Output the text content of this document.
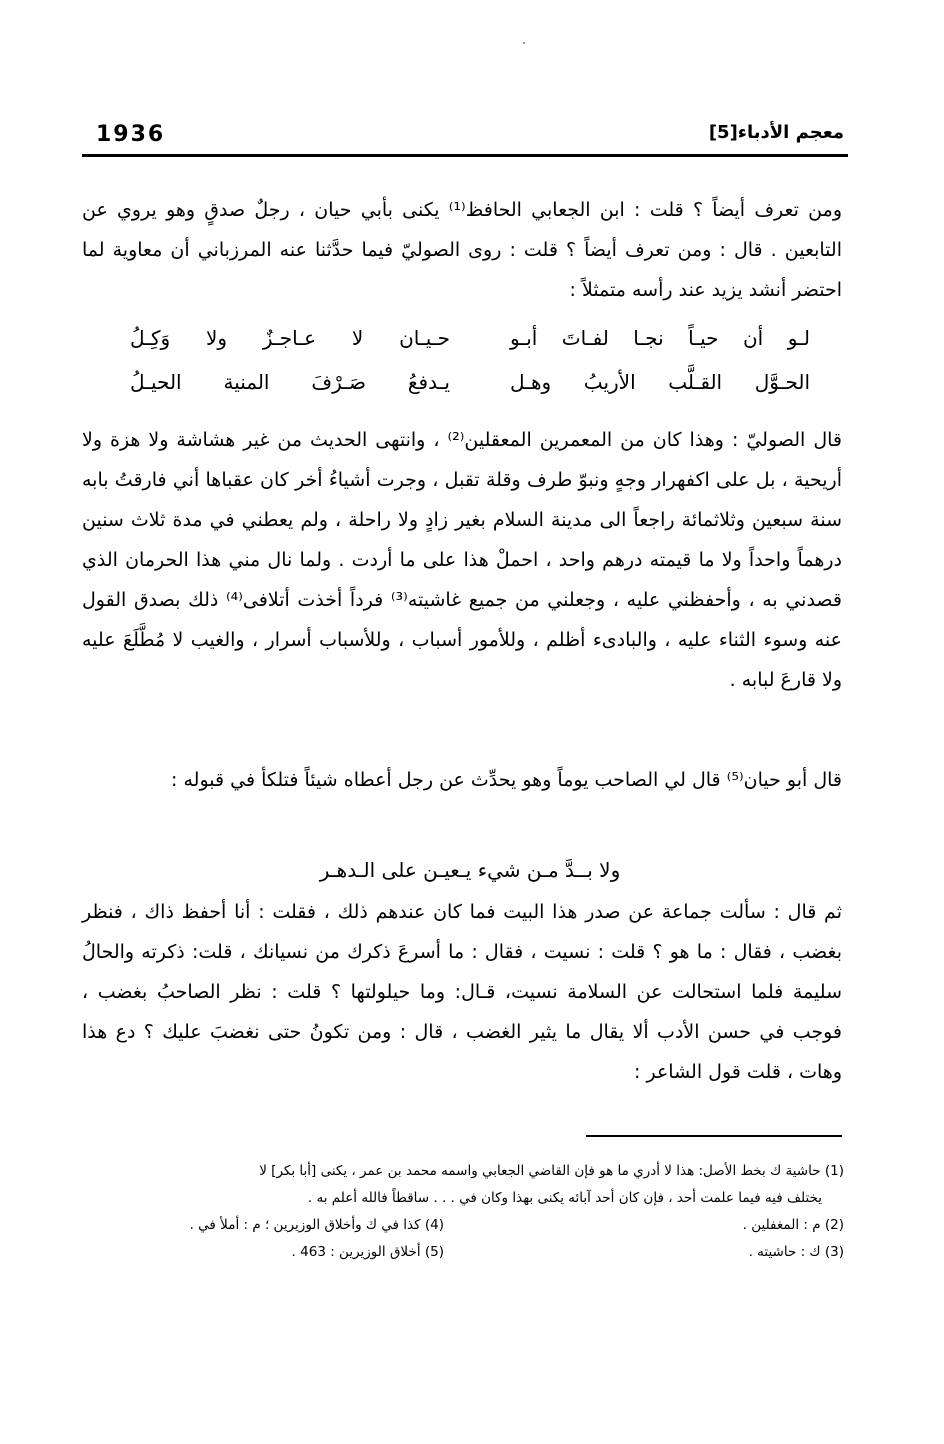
1936	معجم الأدباء[5]

ومن تعرف أيضاً ؟ قلت : ابن الجعابي الحافظ⁽¹⁾ يكنى بأبي حيان ، رجلٌ صدقٍ وهو يروي عن التابعين . قال : ومن تعرف أيضاً ؟ قلت : روى الصوليّ فيما حدَّثنا عنه المرزباني أن معاوية لما احتضر أنشد يزيد عند رأسه متمثلاً :

لـو أن حيـاً نجـا لفـاتَ أبـو
حـيـان لا عـاجـزٌ ولا وَكِـلُ
الحـوَّل القـلَّب الأريبُ وهـل
يـدفعُ صَـرْفَ المنية الحيـلُ

قال الصوليّ : وهذا كان من المعمرين المعقلين⁽²⁾ ، وانتهى الحديث من غير هشاشة ولا هزة ولا أريحية ، بل على اكفهرار وجهٍ ونبوّ طرف وقلة تقبل ، وجرت أشياءُ أخر كان عقباها أني فارقتُ بابه سنة سبعين وثلاثمائة راجعاً الى مدينة السلام بغير زادٍ ولا راحلة ، ولم يعطني في مدة ثلاث سنين درهماً واحداً ولا ما قيمته درهم واحد ، احملْ هذا على ما أردت . ولما نال مني هذا الحرمان الذي قصدني به ، وأحفظني عليه ، وجعلني من جميع غاشيته⁽³⁾ فرداً أخذت أتلافى⁽⁴⁾ ذلك بصدق القول عنه وسوء الثناء عليه ، والبادىء أظلم ، وللأمور أسباب ، وللأسباب أسرار ، والغيب لا مُطَّلَعَ عليه ولا قارعَ لبابه .

قال أبو حيان⁽⁵⁾ قال لي الصاحب يوماً وهو يحدِّث عن رجل أعطاه شيئاً فتلكأ في قبوله :

ولا بــدَّ مـن شيء يـعيـن على الـدهـر

ثم قال : سألت جماعة عن صدر هذا البيت فما كان عندهم ذلك ، فقلت : أنا أحفظ ذاك ، فنظر بغضب ، فقال : ما هو ؟ قلت : نسيت ، فقال : ما أسرعَ ذكرك من نسيانك ، قلت: ذكرته والحالُ سليمة فلما استحالت عن السلامة نسيت، قـال: وما حيلولتها ؟ قلت : نظر الصاحبُ بغضب ، فوجب في حسن الأدب ألا يقال ما يثير الغضب ، قال : ومن تكونُ حتى نغضبَ عليك ؟ دع هذا وهات ، قلت قول الشاعر :

(1) حاشية ك بخط الأصل: هذا لا أدري ما هو فإن القاضي الجعابي واسمه محمد بن عمر ، يكنى [أبا بكر] لا
يختلف فيه فيما علمت أحد ، فإن كان أحد آبائه يكنى بهذا وكان في . . . ساقطاً فالله أعلم به .
(2) م : المغفلين .
(4) كذا في ك وأخلاق الوزيرين ؛ م : أملأ في .
(3) ك : حاشيته .
(5) أخلاق الوزيرين : 463 .
